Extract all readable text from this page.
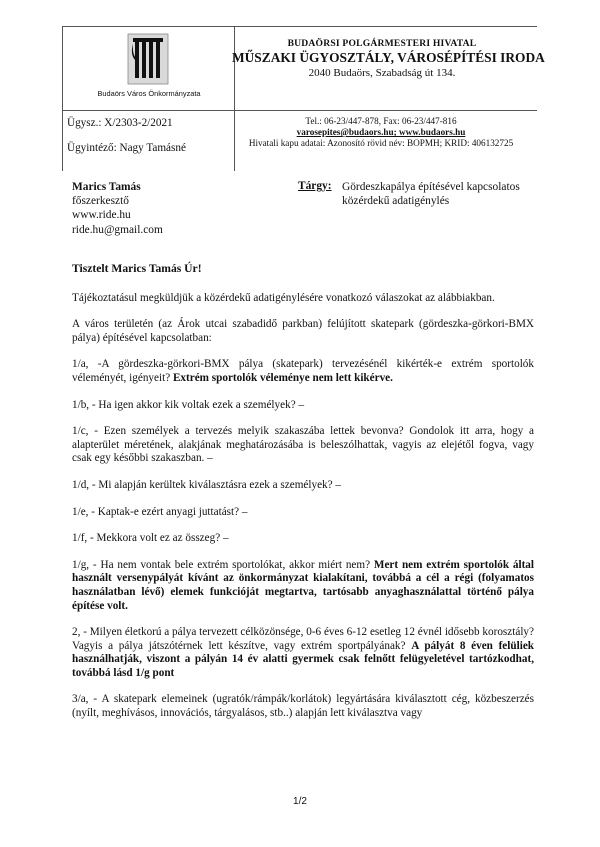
Budaörs Város Önkormányzata
BUDAÖRSI POLGÁRMESTERI HIVATAL
MŰSZAKI ÜGYOSZTÁLY, VÁROSÉPÍTÉSI IRODA
2040 Budaörs, Szabadság út 134.
Ügysz.: X/2303-2/2021
Ügyintéző: Nagy Tamásné
Tel.: 06-23/447-878, Fax: 06-23/447-816
varosepites@budaors.hu; www.budaors.hu
Hivatali kapu adatai: Azonosító rövid név: BOPMH; KRID: 406132725
Marics Tamás
főszerkesztő
www.ride.hu
ride.hu@gmail.com
Tárgy: Gördeszkapálya építésével kapcsolatos közérdekű adatigénylés

Tisztelt Marics Tamás Úr!

Tájékoztatásul megküldjük a közérdekű adatigénylésére vonatkozó válaszokat az alábbiakban.

A város területén (az Árok utcai szabadidő parkban) felújított skatepark (gördeszka-görkori-BMX pálya) építésével kapcsolatban:

1/a, -A gördeszka-görkori-BMX pálya (skatepark) tervezésénél kikérték-e extrém sportolók véleményét, igényeit? Extrém sportolók véleménye nem lett kikérve.

1/b, - Ha igen akkor kik voltak ezek a személyek? –

1/c, - Ezen személyek a tervezés melyik szakaszába lettek bevonva? Gondolok itt arra, hogy a alapterület méretének, alakjának meghatározásába is beleszólhattak, vagyis az elejétől fogva, vagy csak egy későbbi szakaszban. –

1/d, - Mi alapján kerültek kiválasztásra ezek a személyek? –

1/e, - Kaptak-e ezért anyagi juttatást? –

1/f, - Mekkora volt ez az összeg? –

1/g, - Ha nem vontak bele extrém sportolókat, akkor miért nem? Mert nem extrém sportolók által használt versenypályát kívánt az önkormányzat kialakítani, továbbá a cél a régi (folyamatos használatban lévő) elemek funkcióját megtartva, tartósabb anyaghasználattal történő pálya építése volt.

2, - Milyen életkorú a pálya tervezett célközönsége, 0-6 éves 6-12 esetleg 12 évnél idősebb korosztály? Vagyis a pálya játszótérnek lett készítve, vagy extrém sportpályának? A pályát 8 éven felüliek használhatják, viszont a pályán 14 év alatti gyermek csak felnőtt felügyeletével tartózkodhat, továbbá lásd 1/g pont

3/a, - A skatepark elemeinek (ugratók/rámpák/korlátok) legyártására kiválasztott cég, közbeszerzés (nyílt, meghívásos, innovációs, tárgyalásos, stb..) alapján lett kiválasztva vagy

1/2
